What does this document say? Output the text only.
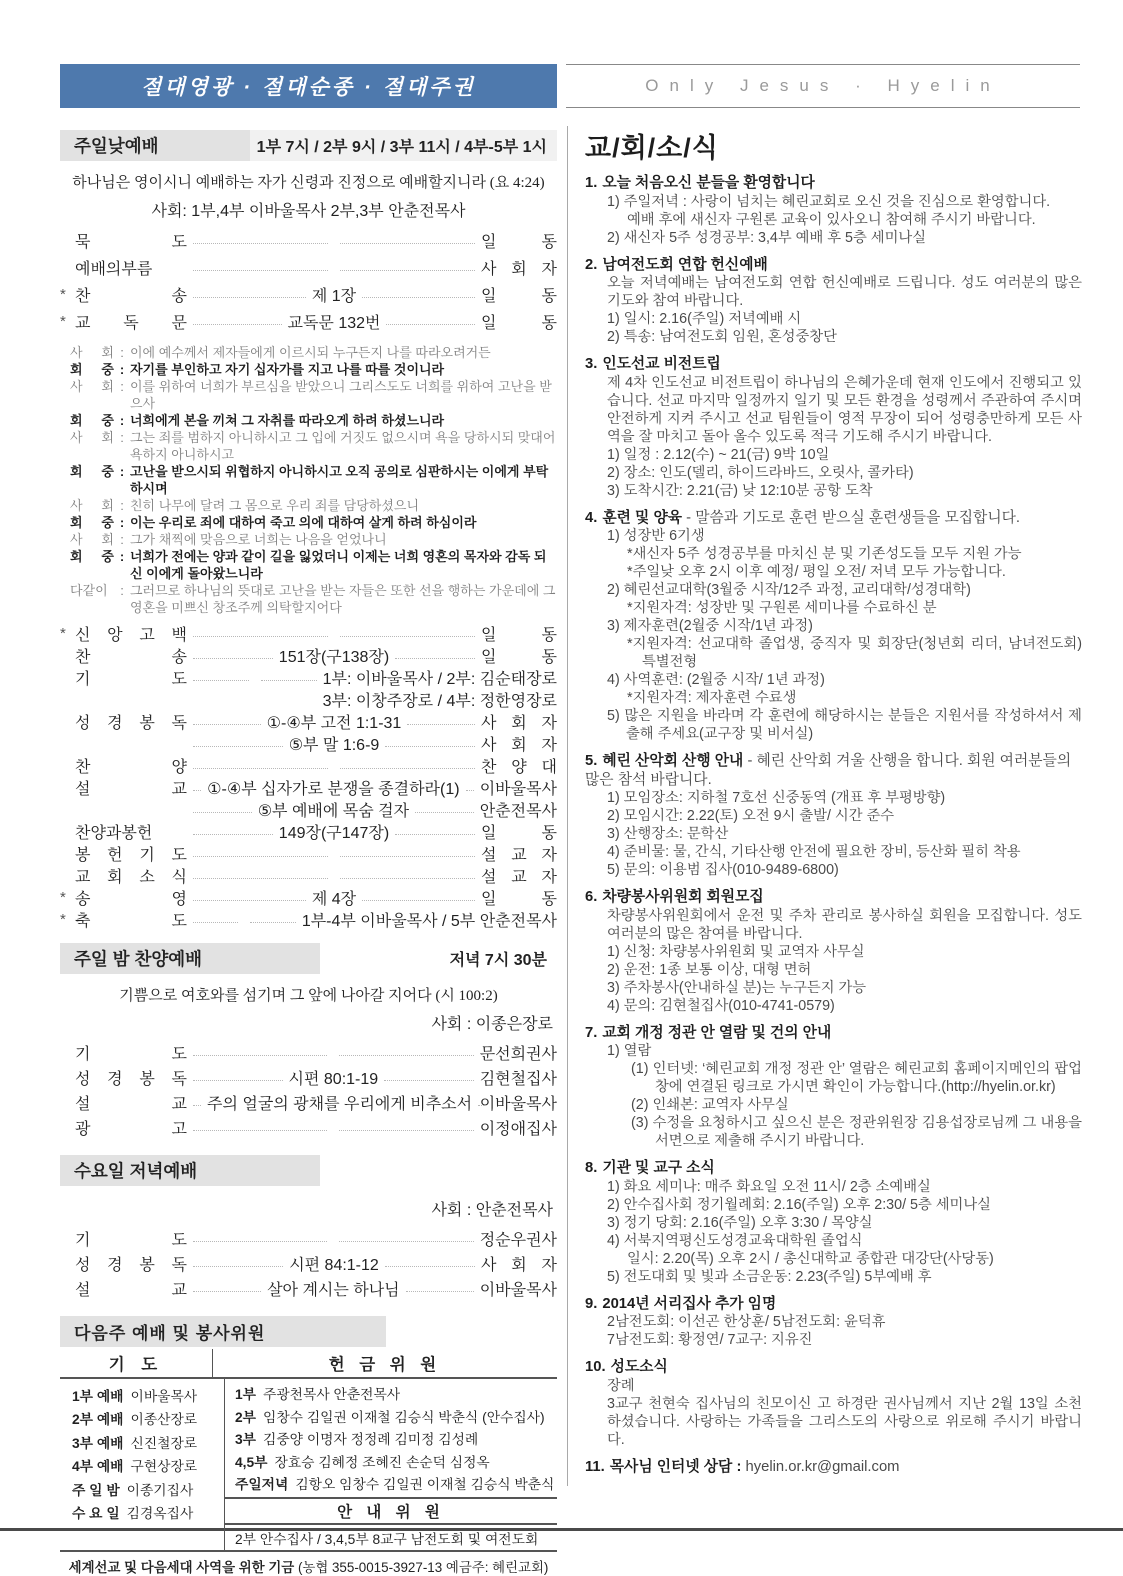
절대영광 · 절대순종 · 절대주권	Only Jesus · Hyelin
주일낮예배	1부 7시 / 2부 9시 / 3부 11시 / 4부-5부 1시
하나님은 영이시니 예배하는 자가 신령과 진정으로 예배할지니라 (요 4:24)
사회: 1부,4부 이바울목사 2부,3부 안춘전목사
묵 도	일 동
예배의부름	사 회 자
* 찬 송	제 1장	일 동
* 교 독 문	교독문 132번	일 동
사 회 : 이에 예수께서 제자들에게 이르시되 누구든지 나를 따라오려거든
회 중 : 자기를 부인하고 자기 십자가를 지고 나를 따를 것이니라
사 회 : 이를 위하여 너희가 부르심을 받았으니 그리스도도 너희를 위하여 고난을 받으사
회 중 : 너희에게 본을 끼쳐 그 자취를 따라오게 하려 하셨느니라
사 회 : 그는 죄를 범하지 아니하시고 그 입에 거짓도 없으시며 욕을 당하시되 맞대어 욕하지 아니하시고
회 중 : 고난을 받으시되 위협하지 아니하시고 오직 공의로 심판하시는 이에게 부탁하시며
사 회 : 친히 나무에 달려 그 몸으로 우리 죄를 담당하셨으니
회 중 : 이는 우리로 죄에 대하여 죽고 의에 대하여 살게 하려 하심이라
사 회 : 그가 채찍에 맞음으로 너희는 나음을 얻었나니
회 중 : 너희가 전에는 양과 같이 길을 잃었더니 이제는 너희 영혼의 목자와 감독 되신 이에게 돌아왔느니라
다같이 : 그러므로 하나님의 뜻대로 고난을 받는 자들은 또한 선을 행하는 가운데에 그 영혼을 미쁘신 창조주께 의탁할지어다
* 신 앙 고 백	일 동
찬 송	151장(구138장)	일 동
기 도	1부: 이바울목사 / 2부: 김순태장로
3부: 이창주장로 / 4부: 정한영장로
성 경 봉 독	①-④부 고전 1:1-31	사 회 자
⑤부 말 1:6-9	사 회 자
찬 양	찬 양 대
설 교 ①-④부 십자가로 분쟁을 종결하라(1) 이바울목사
⑤부 예배에 목숨 걸자	안춘전목사
찬양과봉헌	149장(구147장)	일 동
봉 헌 기 도	설 교 자
교 회 소 식	설 교 자
* 송 영	제 4장	일 동
* 축 도	1부-4부 이바울목사 / 5부 안춘전목사
주일 밤 찬양예배	저녁 7시 30분
기쁨으로 여호와를 섬기며 그 앞에 나아갈 지어다 (시 100:2)
사회 : 이종은장로
기 도	문선희권사
성 경 봉 독	시편 80:1-19	김현철집사
설 교 주의 얼굴의 광채를 우리에게 비추소서 이바울목사
광 고	이정애집사
수요일 저녁예배
사회 : 안춘전목사
기 도	정순우권사
성 경 봉 독	시편 84:1-12	사 회 자
설 교	살아 계시는 하나님	이바울목사
다음주 예배 및 봉사위원
기 도	헌 금 위 원
1부 예배 이바울목사
2부 예배 이종산장로
3부 예배 신진철장로
4부 예배 구현상장로
주 일 밤 이종기집사
수 요 일 김경옥집사
1부 주광천목사 안춘전목사
2부 임창수 김일권 이재철 김승식 박춘식 (안수집사)
3부 김중양 이명자 정정례 김미정 김성례
4,5부 장효승 김혜정 조혜진 손순덕 심정옥
주일저녁 김항오 임창수 김일권 이재철 김승식 박춘식
안 내 위 원
2부 안수집사 / 3,4,5부 8교구 남전도회 및 여전도회
세계선교 및 다음세대 사역을 위한 기금 (농협 355-0015-3927-13 예금주: 혜린교회)
교/회/소/식
1. 오늘 처음오신 분들을 환영합니다
1) 주일저녁 : 사랑이 넘치는 혜린교회로 오신 것을 진심으로 환영합니다.
예배 후에 새신자 구원론 교육이 있사오니 참여해 주시기 바랍니다.
2) 새신자 5주 성경공부: 3,4부 예배 후 5층 세미나실
2. 남여전도회 연합 헌신예배
오늘 저녁예배는 남여전도회 연합 헌신예배로 드립니다. 성도 여러분의 많은 기도와 참여 바랍니다.
1) 일시: 2.16(주일) 저녁예배 시
2) 특송: 남여전도회 임원, 혼성중창단
3. 인도선교 비전트립
제 4차 인도선교 비전트립이 하나님의 은혜가운데 현재 인도에서 진행되고 있습니다. 선교 마지막 일정까지 일기 및 모든 환경을 성령께서 주관하여 주시며 안전하게 지켜 주시고 선교 팀원들이 영적 무장이 되어 성령충만하게 모든 사역을 잘 마치고 돌아 올수 있도록 적극 기도해 주시기 바랍니다.
1) 일정 : 2.12(수) ~ 21(금) 9박 10일
2) 장소: 인도(델리, 하이드라바드, 오릿사, 콜카타)
3) 도착시간: 2.21(금) 낮 12:10분 공항 도착
4. 훈련 및 양육 - 말씀과 기도로 훈련 받으실 훈련생들을 모집합니다.
1) 성장반 6기생
*새신자 5주 성경공부를 마치신 분 및 기존성도들 모두 지원 가능
*주일낮 오후 2시 이후 예정/ 평일 오전/ 저녁 모두 가능합니다.
2) 혜린선교대학(3월중 시작/12주 과정, 교리대학/성경대학)
*지원자격: 성장반 및 구원론 세미나를 수료하신 분
3) 제자훈련(2월중 시작/1년 과정)
*지원자격: 선교대학 졸업생, 중직자 및 회장단(청년회 리더, 남녀전도회)특별전형
4) 사역훈련: (2월중 시작/ 1년 과정)
*지원자격: 제자훈련 수료생
5) 많은 지원을 바라며 각 훈련에 해당하시는 분들은 지원서를 작성하셔서 제출해 주세요(교구장 및 비서실)
5. 혜린 산악회 산행 안내 - 혜린 산악회 겨울 산행을 합니다. 회원 여러분들의 많은 참석 바랍니다.
1) 모임장소: 지하철 7호선 신중동역 (개표 후 부평방향)
2) 모임시간: 2.22(토) 오전 9시 출발/ 시간 준수
3) 산행장소: 문학산
4) 준비물: 물, 간식, 기타산행 안전에 필요한 장비, 등산화 필히 착용
5) 문의: 이용범 집사(010-9489-6800)
6. 차량봉사위원회 회원모집
차량봉사위원회에서 운전 및 주차 관리로 봉사하실 회원을 모집합니다. 성도 여러분의 많은 참여를 바랍니다.
1) 신청: 차량봉사위원회 및 교역자 사무실
2) 운전: 1종 보통 이상, 대형 면허
3) 주차봉사(안내하실 분)는 누구든지 가능
4) 문의: 김현철집사(010-4741-0579)
7. 교회 개정 정관 안 열람 및 건의 안내
1) 열람
(1) 인터넷: ‘혜린교회 개정 정관 안’ 열람은 혜린교회 홈페이지메인의 팝업창에 연결된 링크로 가시면 확인이 가능합니다.(http://hyelin.or.kr)
(2) 인쇄본: 교역자 사무실
(3) 수정을 요청하시고 싶으신 분은 정관위원장 김용섭장로님께 그 내용을 서면으로 제출해 주시기 바랍니다.
8. 기관 및 교구 소식
1) 화요 세미나: 매주 화요일 오전 11시/ 2층 소예배실
2) 안수집사회 정기월례회: 2.16(주일) 오후 2:30/ 5층 세미나실
3) 정기 당회: 2.16(주일) 오후 3:30 / 목양실
4) 서북지역평신도성경교육대학원 졸업식
일시: 2.20(목) 오후 2시 / 총신대학교 종합관 대강단(사당동)
5) 전도대회 및 빛과 소금운동: 2.23(주일) 5부예배 후
9. 2014년 서리집사 추가 임명
2남전도회: 이선곤 한상훈/ 5남전도회: 윤덕휴
7남전도회: 황정연/ 7교구: 지유진
10. 성도소식
장례
3교구 천현숙 집사님의 친모이신 고 하경란 권사님께서 지난 2월 13일 소천 하셨습니다. 사랑하는 가족들을 그리스도의 사랑으로 위로해 주시기 바랍니다.
11. 목사님 인터넷 상담 : hyelin.or.kr@gmail.com
